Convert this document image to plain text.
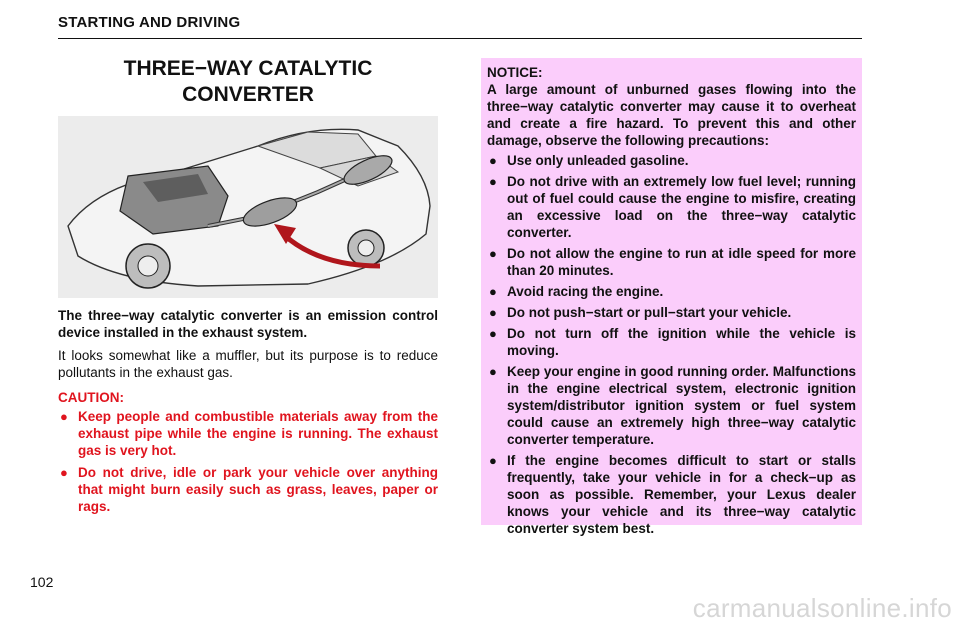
STARTING AND DRIVING
THREE−WAY CATALYTIC
CONVERTER

The three−way catalytic converter is an emission control device installed in the exhaust system.

It looks somewhat like a muffler, but its purpose is to reduce pollutants in the exhaust gas.

CAUTION:
● Keep people and combustible materials away from the exhaust pipe while the engine is running. The exhaust gas is very hot.
● Do not drive, idle or park your vehicle over anything that might burn easily such as grass, leaves, paper or rags.

NOTICE:

A large amount of unburned gases flowing into the three−way catalytic converter may cause it to overheat and create a fire hazard. To prevent this and other damage, observe the following precautions:

● Use only unleaded gasoline.
● Do not drive with an extremely low fuel level; running out of fuel could cause the engine to misfire, creating an excessive load on the three−way catalytic converter.
● Do not allow the engine to run at idle speed for more than 20 minutes.
● Avoid racing the engine.
● Do not push−start or pull−start your vehicle.
● Do not turn off the ignition while the vehicle is moving.
● Keep your engine in good running order. Malfunctions in the engine electrical system, electronic ignition system/distributor ignition system or fuel system could cause an extremely high three−way catalytic converter temperature.
● If the engine becomes difficult to start or stalls frequently, take your vehicle in for a check−up as soon as possible. Remember, your Lexus dealer knows your vehicle and its three−way catalytic converter system best.
102
carmanualsonline.info
